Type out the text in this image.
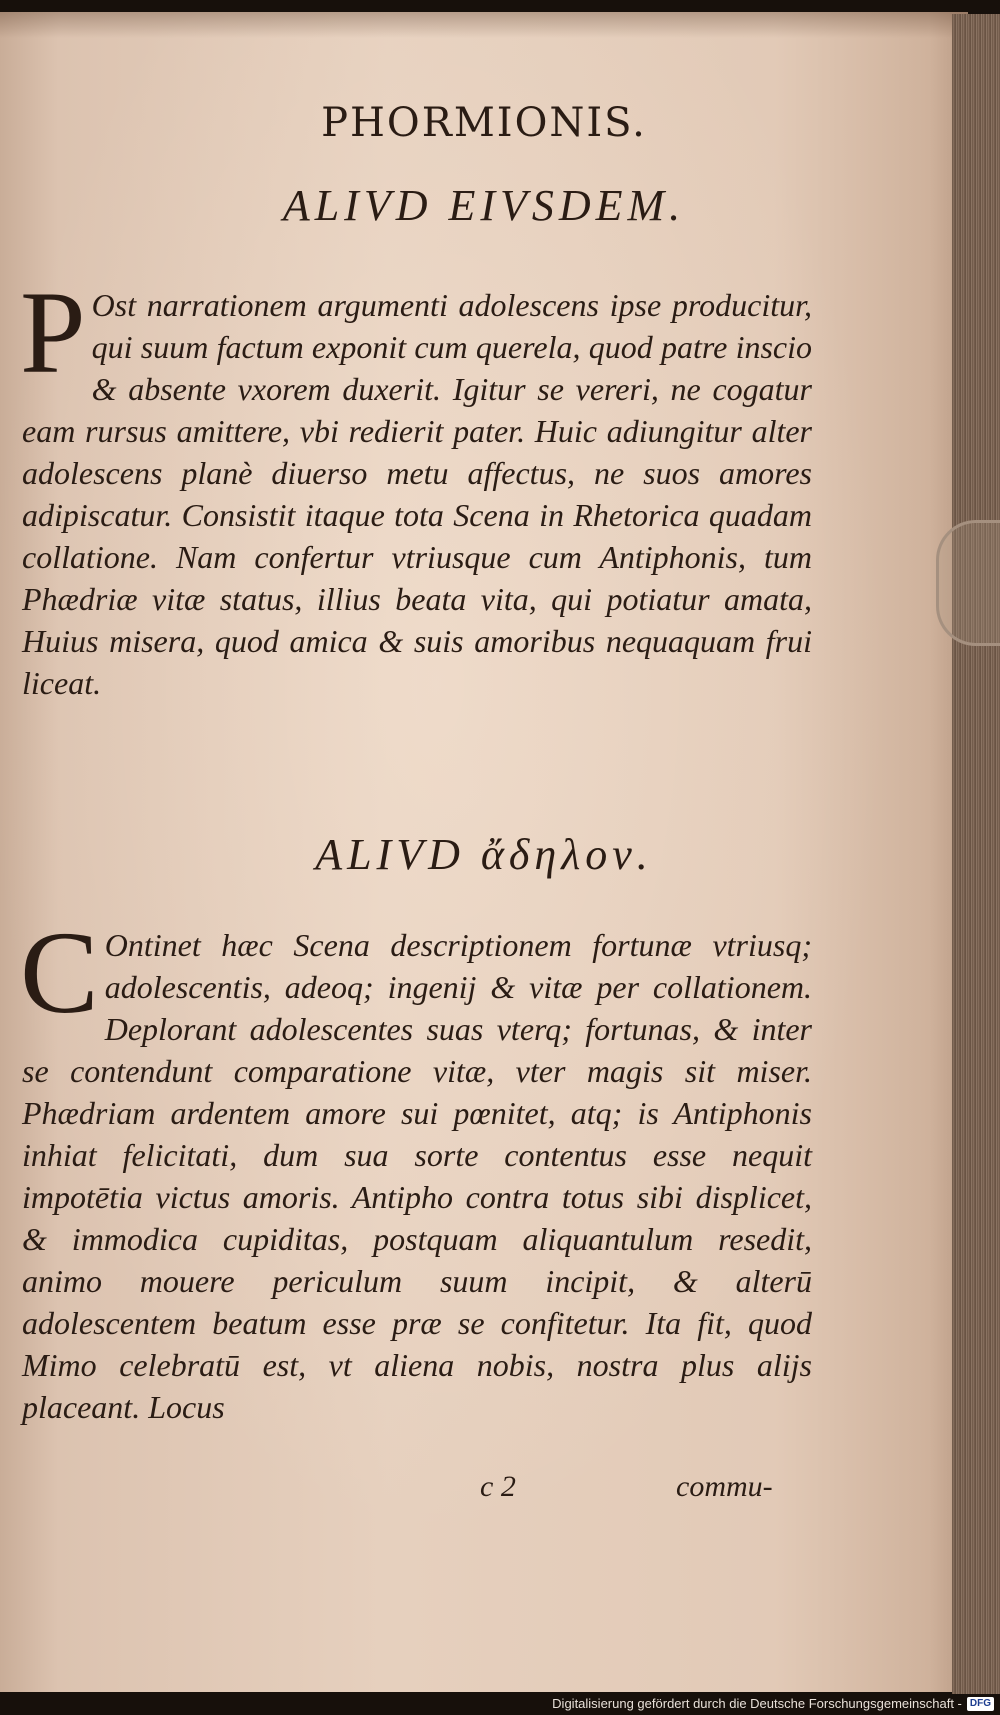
PHORMIONIS.
ALIVD EIVSDEM.
P Ost narrationem argumenti adolescens ipse producitur, qui suum factum exponit cum querela, quod patre inscio & absente vxorem duxerit. Igitur se vereri, ne cogatur eam rursus amittere, vbi redierit pater. Huic adiungitur alter adolescens planè diuerso metu affectus, ne suos amores adipiscatur. Consistit itaque tota Scena in Rhetorica quadam collatione. Nam confertur vtriusque cum Antiphonis, tum Phædriæ vitæ status, illius beata vita, qui potiatur amata, Huius misera, quod amica & suis amoribus nequaquam frui liceat.
ALIVD ἄδηλον.
C Ontinet hæc Scena descriptionem fortunæ vtriusq; adolescentis, adeoq; ingenij & vitæ per collationem. Deplorant adolescentes suas vterq; fortunas, & inter se contendunt comparatione vitæ, vter magis sit miser. Phædriam ardentem amore sui pœnitet, atq; is Antiphonis inhiat felicitati, dum sua sorte contentus esse nequit impotētia victus amoris. Antipho contra totus sibi displicet, & immodica cupiditas, postquam aliquantulum resedit, animo mouere periculum suum incipit, & alterū adolescentem beatum esse præ se confitetur. Ita fit, quod Mimo celebratū est, vt aliena nobis, nostra plus alijs placeant. Locus
c 2	commu-
Digitalisierung gefördert durch die Deutsche Forschungsgemeinschaft - DFG
